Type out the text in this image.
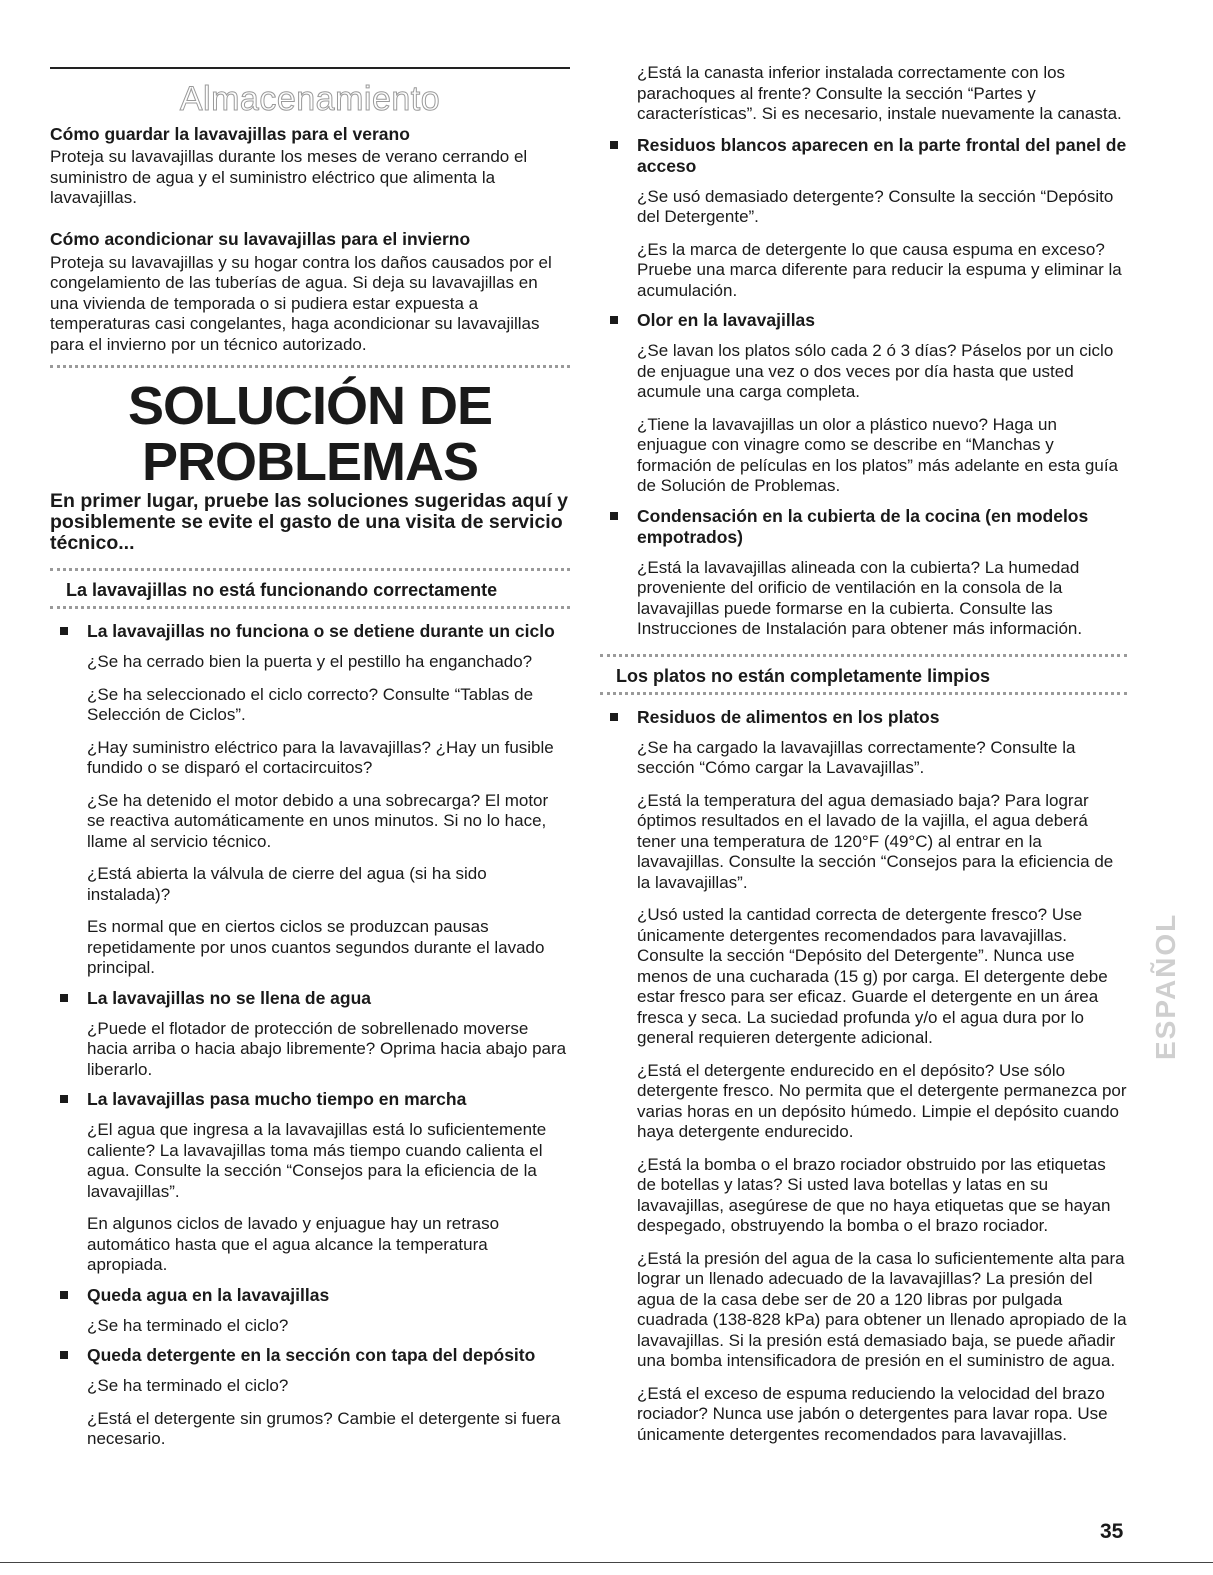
Almacenamiento

Cómo guardar la lavavajillas para el verano

Proteja su lavavajillas durante los meses de verano cerrando el suministro de agua y el suministro eléctrico que alimenta la lavavajillas.

Cómo acondicionar su lavavajillas para el invierno

Proteja su lavavajillas y su hogar contra los daños causados por el congelamiento de las tuberías de agua. Si deja su lavavajillas en una vivienda de temporada o si pudiera estar expuesta a temperaturas casi congelantes, haga acondicionar su lavavajillas para el invierno por un técnico autorizado.

SOLUCIÓN DE
PROBLEMAS

En primer lugar, pruebe las soluciones sugeridas aquí y posiblemente se evite el gasto de una visita de servicio técnico...

La lavavajillas no está funcionando correctamente

La lavavajillas no funciona o se detiene durante un ciclo

¿Se ha cerrado bien la puerta y el pestillo ha enganchado?

¿Se ha seleccionado el ciclo correcto? Consulte “Tablas de Selección de Ciclos”.

¿Hay suministro eléctrico para la lavavajillas? ¿Hay un fusible fundido o se disparó el cortacircuitos?

¿Se ha detenido el motor debido a una sobrecarga? El motor se reactiva automáticamente en unos minutos. Si no lo hace, llame al servicio técnico.

¿Está abierta la válvula de cierre del agua (si ha sido instalada)?

Es normal que en ciertos ciclos se produzcan pausas repetidamente por unos cuantos segundos durante el lavado principal.

La lavavajillas no se llena de agua

¿Puede el flotador de protección de sobrellenado moverse hacia arriba o hacia abajo libremente? Oprima hacia abajo para liberarlo.

La lavavajillas pasa mucho tiempo en marcha

¿El agua que ingresa a la lavavajillas está lo suficientemente caliente? La lavavajillas toma más tiempo cuando calienta el agua. Consulte la sección “Consejos para la eficiencia de la lavavajillas”.

En algunos ciclos de lavado y enjuague hay un retraso automático hasta que el agua alcance la temperatura apropiada.

Queda agua en la lavavajillas

¿Se ha terminado el ciclo?

Queda detergente en la sección con tapa del depósito

¿Se ha terminado el ciclo?

¿Está el detergente sin grumos? Cambie el detergente si fuera necesario.

¿Está la canasta inferior instalada correctamente con los parachoques al frente? Consulte la sección “Partes y características”. Si es necesario, instale nuevamente la canasta.

Residuos blancos aparecen en la parte frontal del panel de acceso

¿Se usó demasiado detergente? Consulte la sección “Depósito del Detergente”.

¿Es la marca de detergente lo que causa espuma en exceso? Pruebe una marca diferente para reducir la espuma y eliminar la acumulación.

Olor en la lavavajillas

¿Se lavan los platos sólo cada 2 ó 3 días? Páselos por un ciclo de enjuague una vez o dos veces por día hasta que usted acumule una carga completa.

¿Tiene la lavavajillas un olor a plástico nuevo? Haga un enjuague con vinagre como se describe en “Manchas y formación de películas en los platos” más adelante en esta guía de Solución de Problemas.

Condensación en la cubierta de la cocina (en modelos empotrados)

¿Está la lavavajillas alineada con la cubierta? La humedad proveniente del orificio de ventilación en la consola de la lavavajillas puede formarse en la cubierta. Consulte las Instrucciones de Instalación para obtener más información.

Los platos no están completamente limpios

Residuos de alimentos en los platos

¿Se ha cargado la lavavajillas correctamente? Consulte la sección “Cómo cargar la Lavavajillas”.

¿Está la temperatura del agua demasiado baja? Para lograr óptimos resultados en el lavado de la vajilla, el agua deberá tener una temperatura de 120°F (49°C) al entrar en la lavavajillas. Consulte la sección “Consejos para la eficiencia de la lavavajillas”.

¿Usó usted la cantidad correcta de detergente fresco? Use únicamente detergentes recomendados para lavavajillas. Consulte la sección “Depósito del Detergente”. Nunca use menos de una cucharada (15 g) por carga. El detergente debe estar fresco para ser eficaz. Guarde el detergente en un área fresca y seca. La suciedad profunda y/o el agua dura por lo general requieren detergente adicional.

¿Está el detergente endurecido en el depósito? Use sólo detergente fresco. No permita que el detergente permanezca por varias horas en un depósito húmedo. Limpie el depósito cuando haya detergente endurecido.

¿Está la bomba o el brazo rociador obstruido por las etiquetas de botellas y latas? Si usted lava botellas y latas en su lavavajillas, asegúrese de que no haya etiquetas que se hayan despegado, obstruyendo la bomba o el brazo rociador.

¿Está la presión del agua de la casa lo suficientemente alta para lograr un llenado adecuado de la lavavajillas? La presión del agua de la casa debe ser de 20 a 120 libras por pulgada cuadrada (138-828 kPa) para obtener un llenado apropiado de la lavavajillas. Si la presión está demasiado baja, se puede añadir una bomba intensificadora de presión en el suministro de agua.

¿Está el exceso de espuma reduciendo la velocidad del brazo rociador? Nunca use jabón o detergentes para lavar ropa. Use únicamente detergentes recomendados para lavavajillas.

ESPAÑOL
35
